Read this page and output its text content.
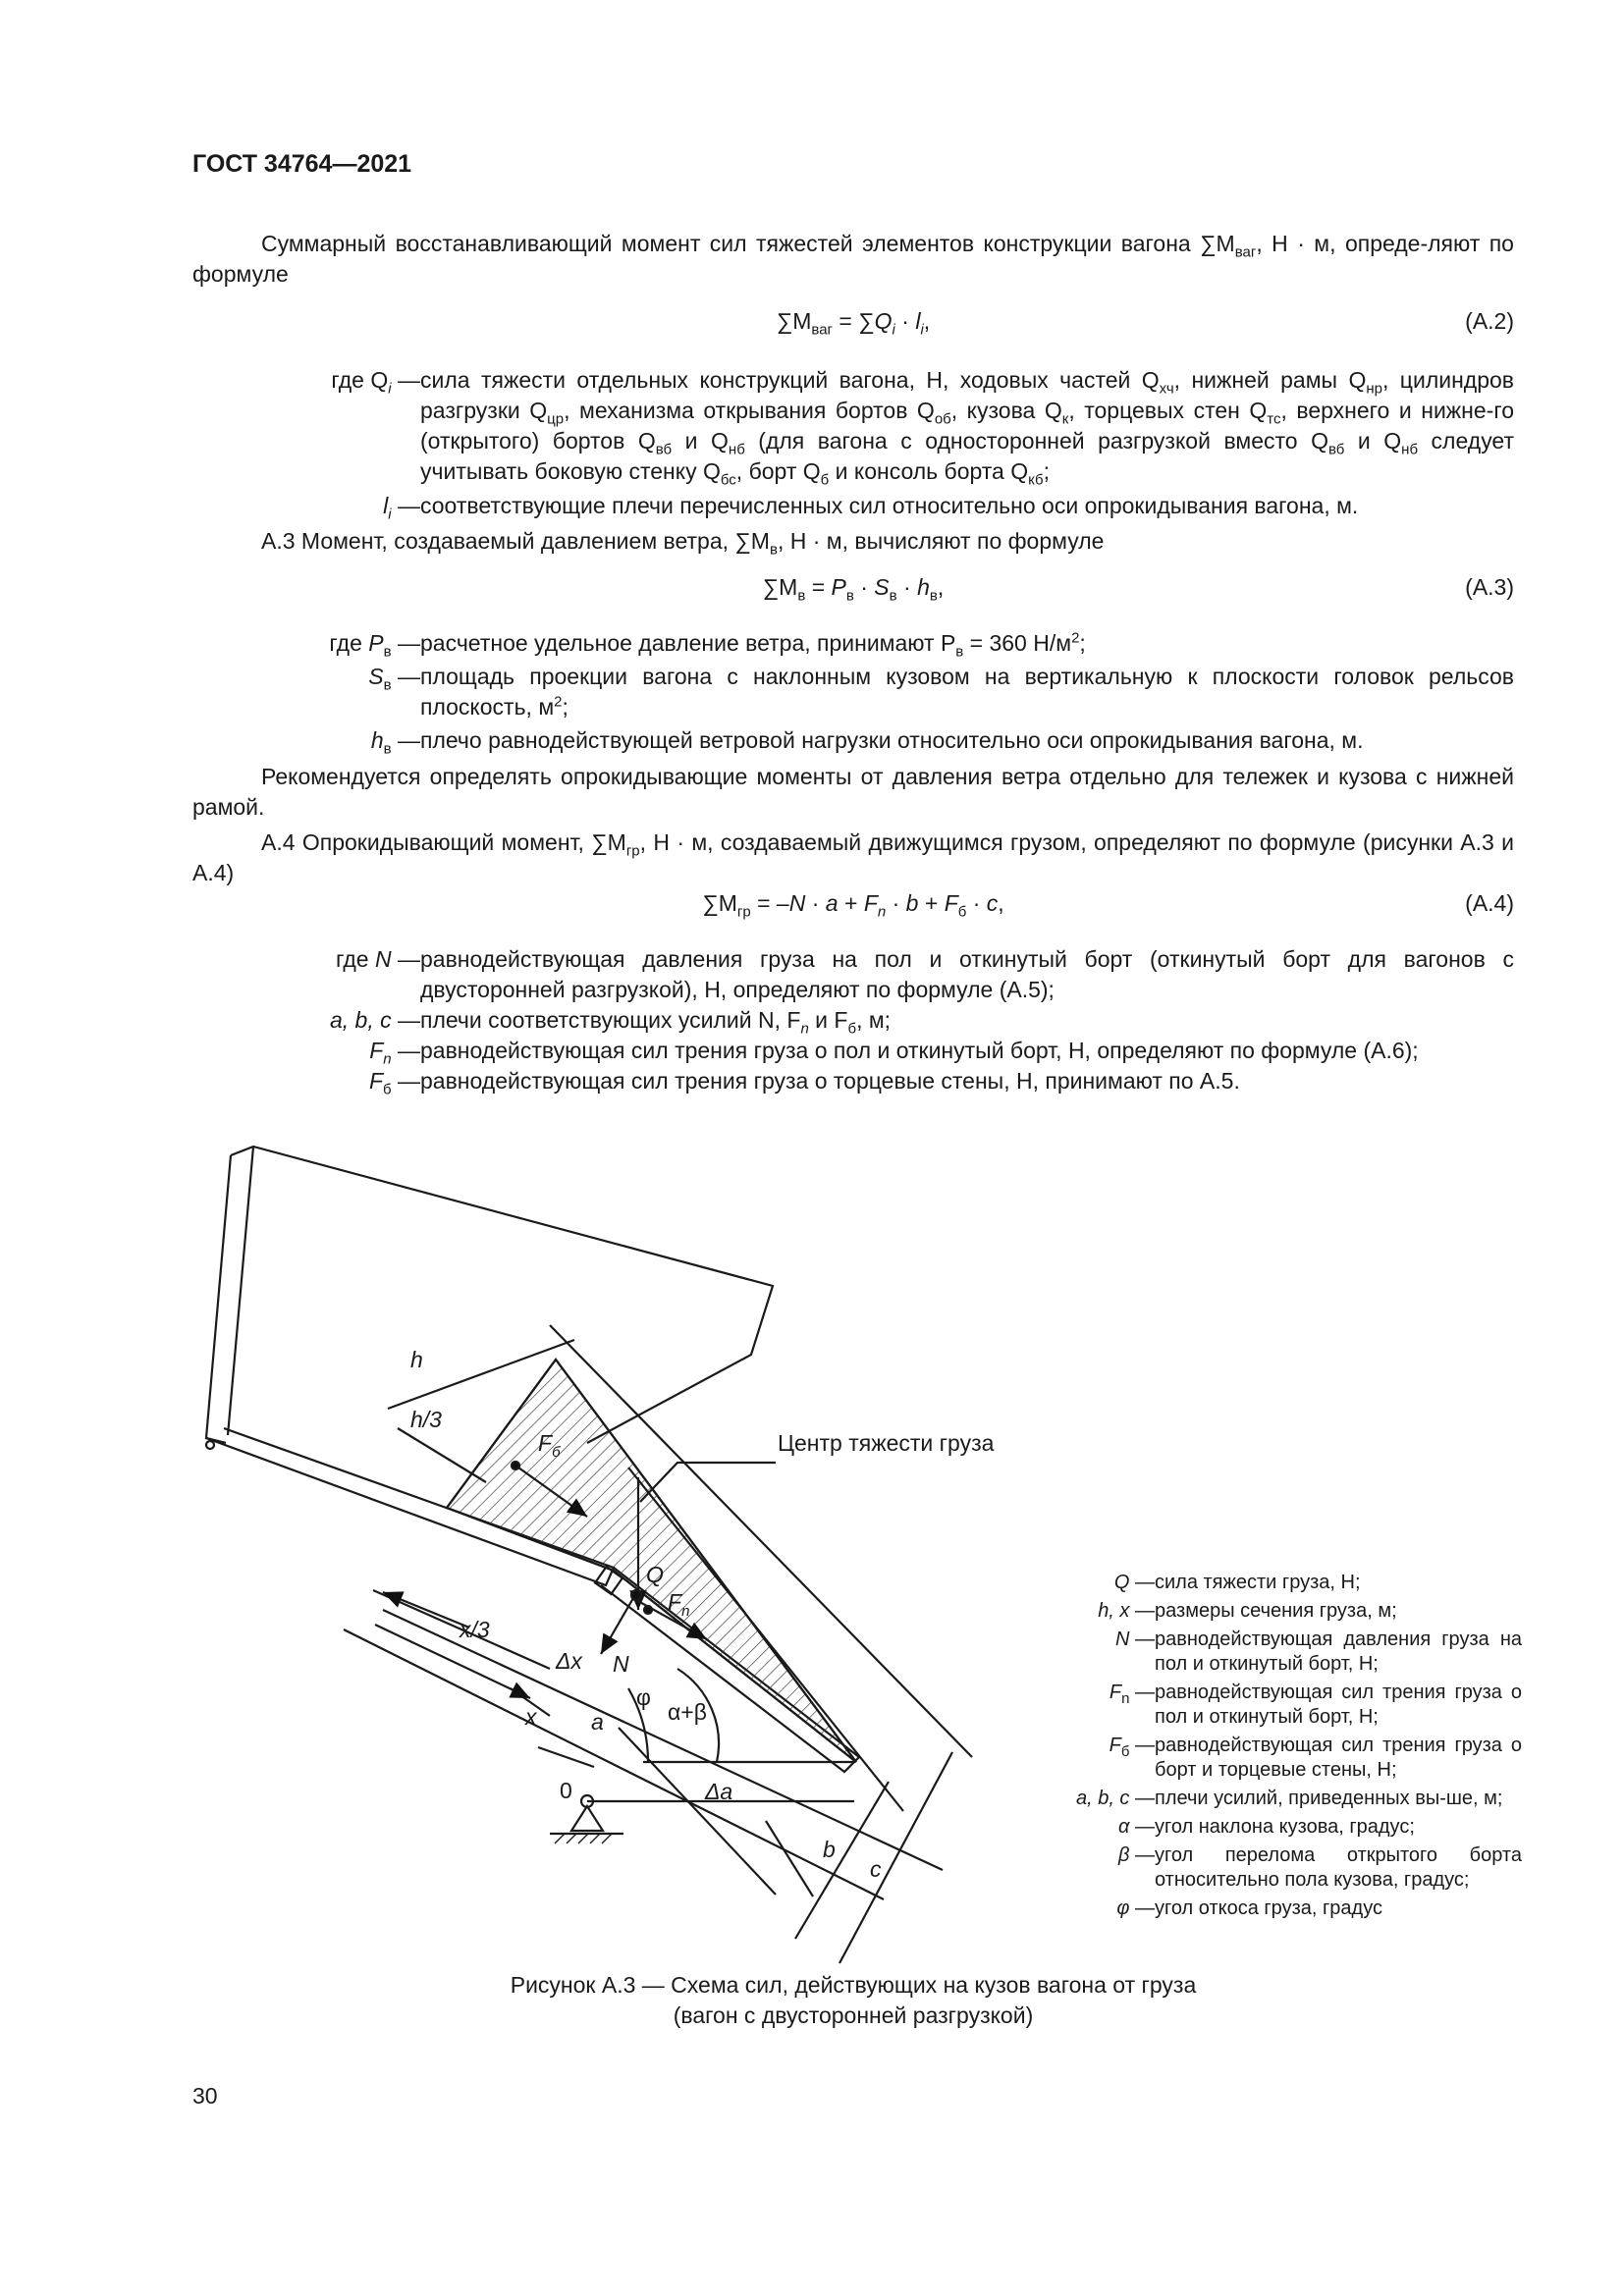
ГОСТ 34764—2021
Суммарный восстанавливающий момент сил тяжестей элементов конструкции вагона $\sum M_{ваг}$, Н · м, опреде-ляют по формуле
$\sum M_{ваг} = \sum Q_i \cdot l_i$,	(А.2)
где $Q_i$ — сила тяжести отдельных конструкций вагона, Н, ходовых частей $Q_{хч}$, нижней рамы $Q_{нр}$, цилиндров разгрузки $Q_{цр}$, механизма открывания бортов $Q_{об}$, кузова $Q_к$, торцевых стен $Q_{тс}$, верхнего и нижне-го (открытого) бортов $Q_{вб}$ и $Q_{нб}$ (для вагона с односторонней разгрузкой вместо $Q_{вб}$ и $Q_{нб}$ следует учитывать боковую стенку $Q_{бс}$, борт $Q_б$ и консоль борта $Q_{кб}$;
$l_i$ — соответствующие плечи перечисленных сил относительно оси опрокидывания вагона, м.
А.3 Момент, создаваемый давлением ветра, $\sum M_в$, Н · м, вычисляют по формуле
$\sum M_в = P_в \cdot S_в \cdot h_в$,	(А.3)
где $P_в$ — расчетное удельное давление ветра, принимают $P_в = 360$ $Н/м^2$;
$S_в$ — площадь проекции вагона с наклонным кузовом на вертикальную к плоскости головок рельсов плоскость, $м^2$;
$h_в$ — плечо равнодействующей ветровой нагрузки относительно оси опрокидывания вагона, м.
Рекомендуется определять опрокидывающие моменты от давления ветра отдельно для тележек и кузова с нижней рамой.
А.4 Опрокидывающий момент, $\sum M_{гр}$, Н · м, создаваемый движущимся грузом, определяют по формуле (рисунки А.3 и А.4)
$\sum M_{гр} = -N \cdot a + F_n \cdot b + F_б \cdot c$,	(А.4)
где N — равнодействующая давления груза на пол и откинутый борт (откинутый борт для вагонов с двусторонней разгрузкой), Н, определяют по формуле (А.5);
a, b, c — плечи соответствующих усилий N, $F_n$ и $F_б$, м;
$F_n$ — равнодействующая сил трения груза о пол и откинутый борт, Н, определяют по формуле (А.6);
$F_б$ — равнодействующая сил трения груза о торцевые стены, Н, принимают по А.5.
Центр тяжести груза
h
h/3
$F_б$
Q
$F_n$
x/3
Δx N
φ
α+β
x a
0	Δa
b
c
Q — сила тяжести груза, Н;
h, x — размеры сечения груза, м;
N — равнодействующая давления груза на пол и откинутый борт, Н;
$F_n$ — равнодействующая сил трения груза о пол и откинутый борт, Н;
$F_б$ — равнодействующая сил трения груза о борт и торцевые стены, Н;
a, b, c — плечи усилий, приведенных вы-ше, м;
α — угол наклона кузова, градус;
β — угол перелома открытого борта относительно пола кузова, градус;
φ — угол откоса груза, градус
Рисунок А.3 — Схема сил, действующих на кузов вагона от груза
(вагон с двусторонней разгрузкой)
30
